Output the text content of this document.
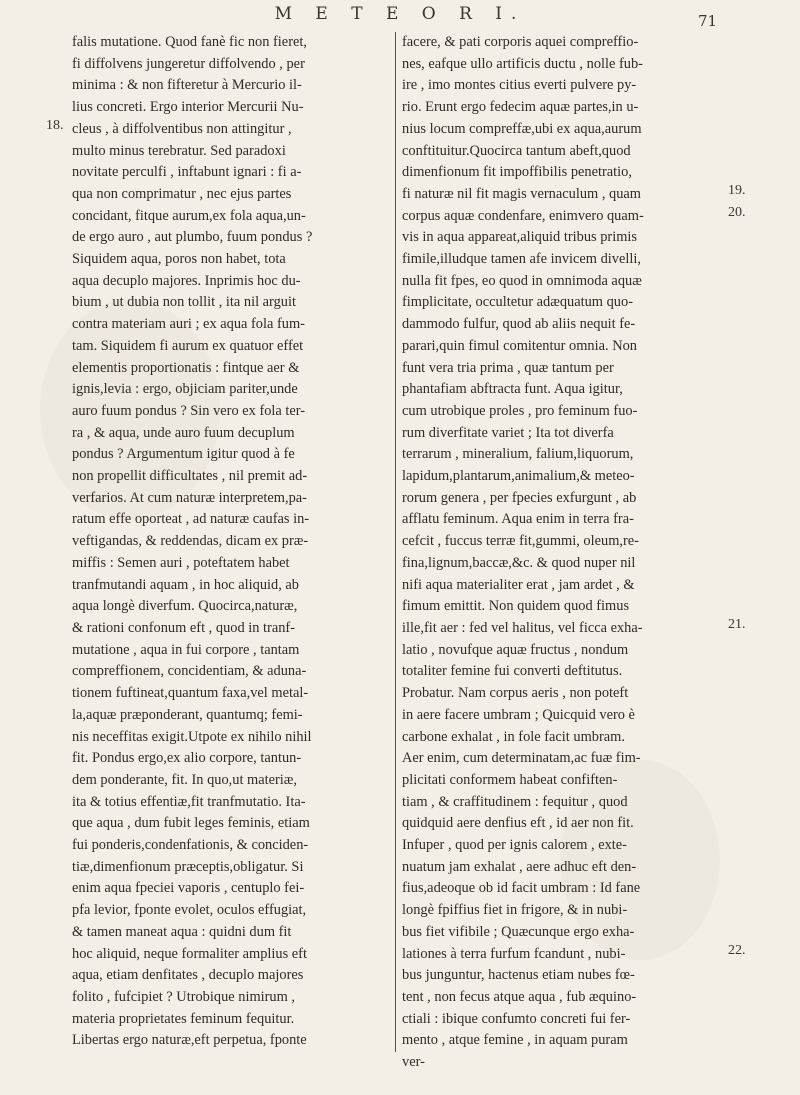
M E T E O R I.	71
falis mutatione. Quod fanè fic non fieret,
fi diffolvens jungeretur diffolvendo , per
minima : & non fifteretur à Mercurio il-
lius concreti. Ergo interior Mercurii Nu-
cleus , à diffolventibus non attingitur ,
multo minus terebratur. Sed paradoxi
novitate perculfi , inftabunt ignari : fi a-
qua non comprimatur , nec ejus partes
concidant, fitque aurum,ex fola aqua,un-
de ergo auro , aut plumbo, fuum pondus ?
Siquidem aqua, poros non habet, tota
aqua decuplo majores. Inprimis hoc du-
bium , ut dubia non tollit , ita nil arguit
contra materiam auri ; ex aqua fola fum-
tam. Siquidem fi aurum ex quatuor effet
elementis proportionatis : fintque aer &
ignis,levia : ergo, objiciam pariter,unde
auro fuum pondus ? Sin vero ex fola ter-
ra , & aqua, unde auro fuum decuplum
pondus ? Argumentum igitur quod à fe
non propellit difficultates , nil premit ad-
verfarios. At cum naturæ interpretem,pa-
ratum effe oporteat , ad naturæ caufas in-
veftigandas, & reddendas, dicam ex præ-
miffis : Semen auri , poteftatem habet
tranfmutandi aquam , in hoc aliquid, ab
aqua longè diverfum. Quocirca,naturæ,
& rationi confonum eft , quod in tranf-
mutatione , aqua in fui corpore , tantam
compreffionem, concidentiam, & aduna-
tionem fuftineat,quantum faxa,vel metal-
la,aquæ præponderant, quantumq; femi-
nis neceffitas exigit.Utpote ex nihilo nihil
fit. Pondus ergo,ex alio corpore, tantun-
dem ponderante, fit. In quo,ut materiæ,
ita & totius effentiæ,fit tranfmutatio. Ita-
que aqua , dum fubit leges feminis, etiam
fui ponderis,condenfationis, & conciden-
tiæ,dimenfionum præceptis,obligatur. Si
enim aqua fpeciei vaporis , centuplo fei-
pfa levior, fponte evolet, oculos effugiat,
& tamen maneat aqua : quidni dum fit
hoc aliquid, neque formaliter amplius eft
aqua, etiam denfitates , decuplo majores
folito , fufcipiet ? Utrobique nimirum ,
materia proprietates feminum fequitur.
Libertas ergo naturæ,eft perpetua, fponte
facere, & pati corporis aquei compreffio-
nes, eafque ullo artificis ductu , nolle fub-
ire , imo montes citius everti pulvere py-
rio. Erunt ergo fedecim aquæ partes,in u-
nius locum compreffæ,ubi ex aqua,aurum
conftituitur.Quocirca tantum abeft,quod
dimenfionum fit impoffibilis penetratio,
fi naturæ nil fit magis vernaculum , quam
corpus aquæ condenfare, enimvero quam-
vis in aqua appareat,aliquid tribus primis
fimile,illudque tamen afe invicem divelli,
nulla fit fpes, eo quod in omnimoda aquæ
fimplicitate, occultetur adæquatum quo-
dammodo fulfur, quod ab aliis nequit fe-
parari,quin fimul comitentur omnia. Non
funt vera tria prima , quæ tantum per
phantafiam abftracta funt. Aqua igitur,
cum utrobique proles , pro feminum fuo-
rum diverfitate variet ; Ita tot diverfa
terrarum , mineralium, falium,liquorum,
lapidum,plantarum,animalium,& meteo-
rorum genera , per fpecies exfurgunt , ab
afflatu feminum. Aqua enim in terra fra-
cefcit , fuccus terræ fit,gummi, oleum,re-
fina,lignum,baccæ,&c. & quod nuper nil
nifi aqua materialiter erat , jam ardet , &
fimum emittit. Non quidem quod fimus
ille,fit aer : fed vel halitus, vel ficca exha-
latio , novufque aquæ fructus , nondum
totaliter femine fui converti deftitutus.
Probatur. Nam corpus aeris , non poteft
in aere facere umbram ; Quicquid vero è
carbone exhalat , in fole facit umbram.
Aer enim, cum determinatam,ac fuæ fim-
plicitati conformem habeat confiften-
tiam , & craffitudinem : fequitur , quod
quidquid aere denfius eft , id aer non fit.
Infuper , quod per ignis calorem , exte-
nuatum jam exhalat , aere adhuc eft den-
fius,adeoque ob id facit umbram : Id fane
longè fpiffius fiet in frigore, & in nubi-
bus fiet vifibile ; Quæcunque ergo exha-
lationes à terra furfum fcandunt , nubi-
bus junguntur, hactenus etiam nubes fœ-
tent , non fecus atque aqua , fub æquino-
ctiali : ibique confumto concreti fui fer-
mento , atque femine , in aquam puram
ver-
18.
19.
20.
21.
22.
